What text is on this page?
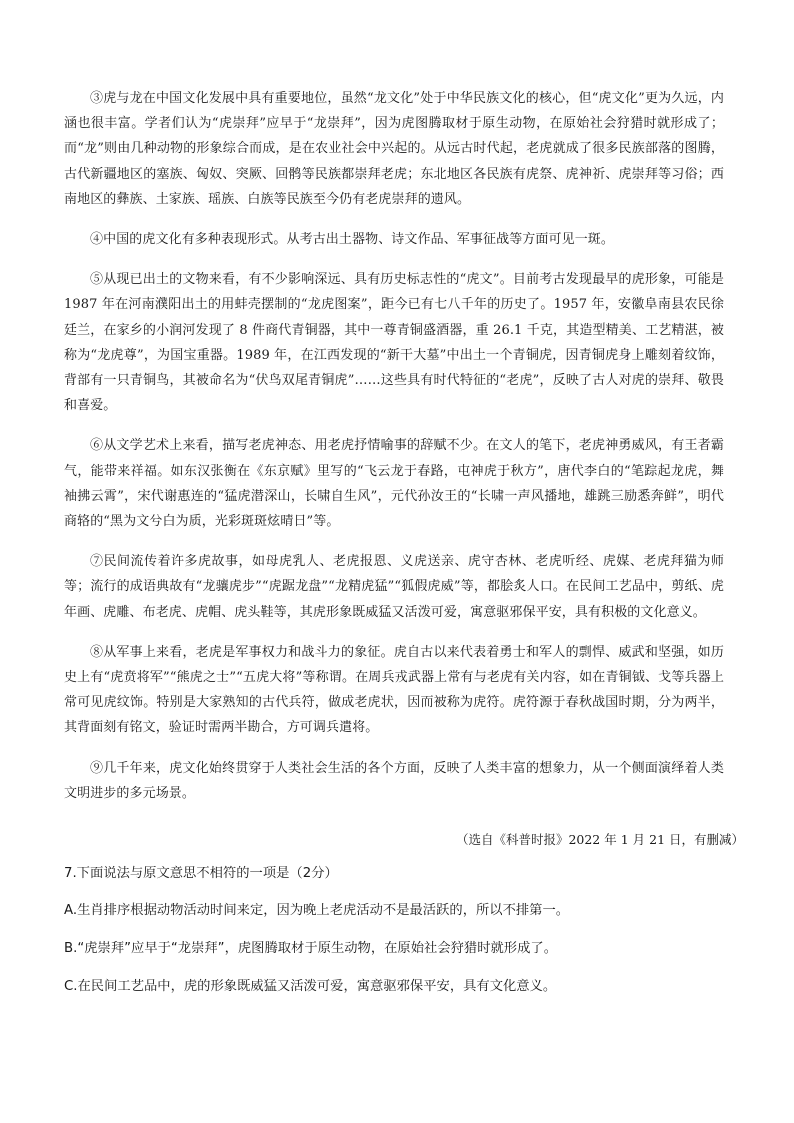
③虎与龙在中国文化发展中具有重要地位，虽然“龙文化”处于中华民族文化的核心，但“虎文化”更为久远，内涵也很丰富。学者们认为“虎崇拜”应早于“龙崇拜”，因为虎图腾取材于原生动物，在原始社会狩猎时就形成了；而“龙”则由几种动物的形象综合而成，是在农业社会中兴起的。从远古时代起，老虎就成了很多民族部落的图腾，古代新疆地区的塞族、匈奴、突厥、回鹘等民族都崇拜老虎；东北地区各民族有虎祭、虎神祈、虎崇拜等习俗；西南地区的彝族、土家族、瑶族、白族等民族至今仍有老虎崇拜的遗风。

④中国的虎文化有多种表现形式。从考古出土器物、诗文作品、军事征战等方面可见一斑。

⑤从现已出土的文物来看，有不少影响深远、具有历史标志性的“虎文”。目前考古发现最早的虎形象，可能是 1987 年在河南濮阳出土的用蚌壳摆制的“龙虎图案”，距今已有七八千年的历史了。1957 年，安徽阜南县农民徐廷兰，在家乡的小润河发现了 8 件商代青铜器，其中一尊青铜盛酒器，重 26.1 千克，其造型精美、工艺精湛，被称为“龙虎尊”，为国宝重器。1989 年，在江西发现的“新干大墓”中出土一个青铜虎，因青铜虎身上雕刻着纹饰，背部有一只青铜鸟，其被命名为“伏鸟双尾青铜虎”……这些具有时代特征的“老虎”，反映了古人对虎的崇拜、敬畏和喜爱。

⑥从文学艺术上来看，描写老虎神态、用老虎抒情喻事的辞赋不少。在文人的笔下，老虎神勇威风，有王者霸气，能带来祥福。如东汉张衡在《东京赋》里写的“飞云龙于春路，屯神虎于秋方”，唐代李白的“笔踪起龙虎，舞袖拂云霄”，宋代谢惠连的“猛虎潜深山，长啸自生风”，元代孙汝王的“长啸一声风播地，雄跳三励悉奔鲜”，明代商辂的“黑为文兮白为质，光彩斑斑炫晴日”等。

⑦民间流传着许多虎故事，如母虎乳人、老虎报恩、义虎送亲、虎守杏林、老虎听经、虎媒、老虎拜猫为师等；流行的成语典故有“龙骧虎步”“虎踞龙盘”“龙精虎猛”“狐假虎威”等，都脍炙人口。在民间工艺品中，剪纸、虎年画、虎雕、布老虎、虎帽、虎头鞋等，其虎形象既威猛又活泼可爱，寓意驱邪保平安，具有积极的文化意义。

⑧从军事上来看，老虎是军事权力和战斗力的象征。虎自古以来代表着勇士和军人的剽悍、威武和坚强，如历史上有“虎贲将军”“熊虎之士”“五虎大将”等称谓。在周兵戎武器上常有与老虎有关内容，如在青铜钺、戈等兵器上常可见虎纹饰。特别是大家熟知的古代兵符，做成老虎状，因而被称为虎符。虎符源于春秋战国时期，分为两半，其背面刻有铭文，验证时需两半勘合，方可调兵遣将。

⑨几千年来，虎文化始终贯穿于人类社会生活的各个方面，反映了人类丰富的想象力，从一个侧面演绎着人类文明进步的多元场景。

（选自《科普时报》2022 年 1 月 21 日，有删减）
7.下面说法与原文意思不相符的一项是（2分）
A.生肖排序根据动物活动时间来定，因为晚上老虎活动不是最活跃的，所以不排第一。
B.“虎崇拜”应早于“龙崇拜”，虎图腾取材于原生动物，在原始社会狩猎时就形成了。
C.在民间工艺品中，虎的形象既威猛又活泼可爱，寓意驱邪保平安，具有文化意义。
